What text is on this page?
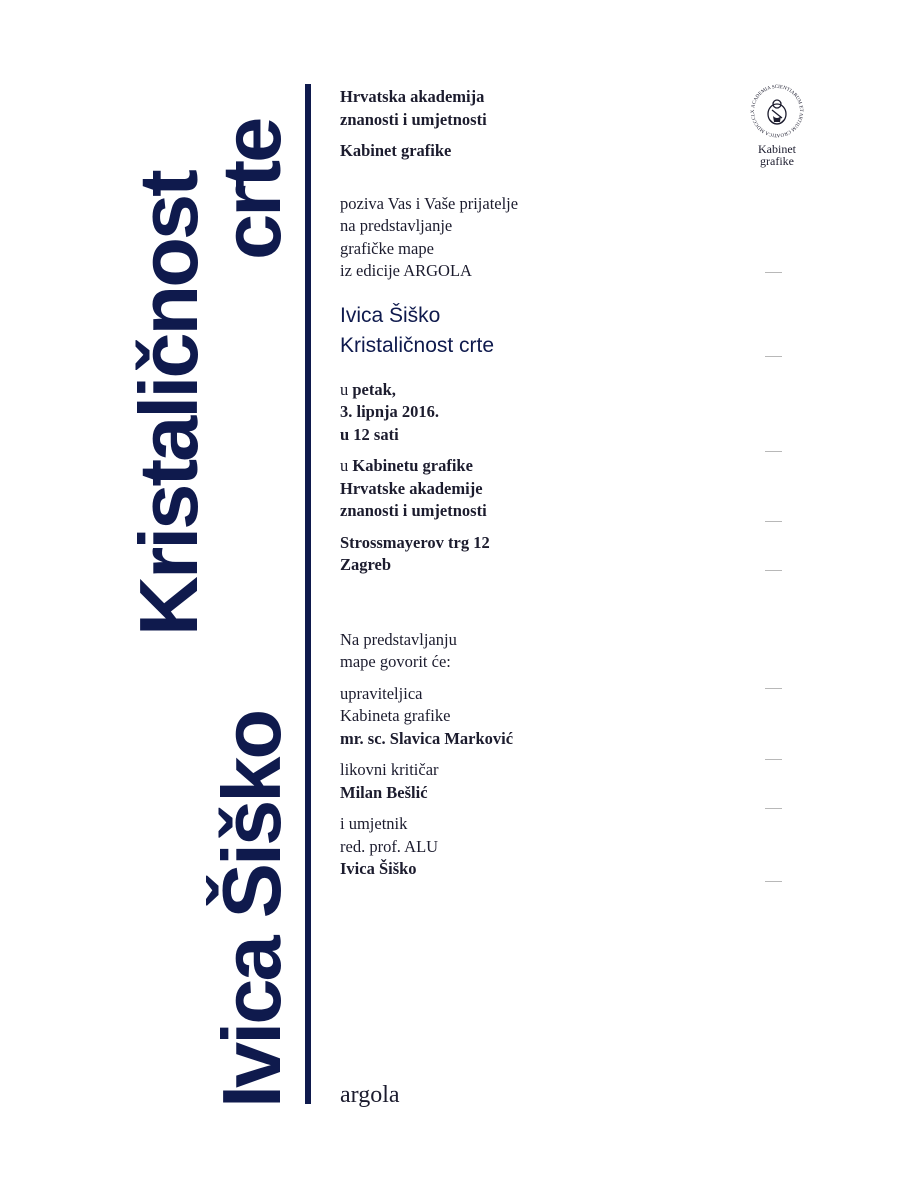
Ivica Šiško
Kristaličnost
crte
Hrvatska akademija
znanosti i umjetnosti
Kabinet grafike
poziva Vas i Vaše prijatelje
na predstavljanje
grafičke mape
iz edicije ARGOLA
Ivica Šiško
Kristaličnost crte
u petak,
3. lipnja 2016.
u 12 sati
u Kabinetu grafike
Hrvatske akademije
znanosti i umjetnosti
Strossmayerov trg 12
Zagreb
Na predstavljanju
mape govorit će:
upraviteljica
Kabineta grafike
mr. sc. Slavica Marković
likovni kritičar
Milan Bešlić
i umjetnik
red. prof. ALU
Ivica Šiško
argola
ACADEMIA SCIENTIARUM ET ARTIUM CROATICA MDCCCLX
Kabinet
grafike
